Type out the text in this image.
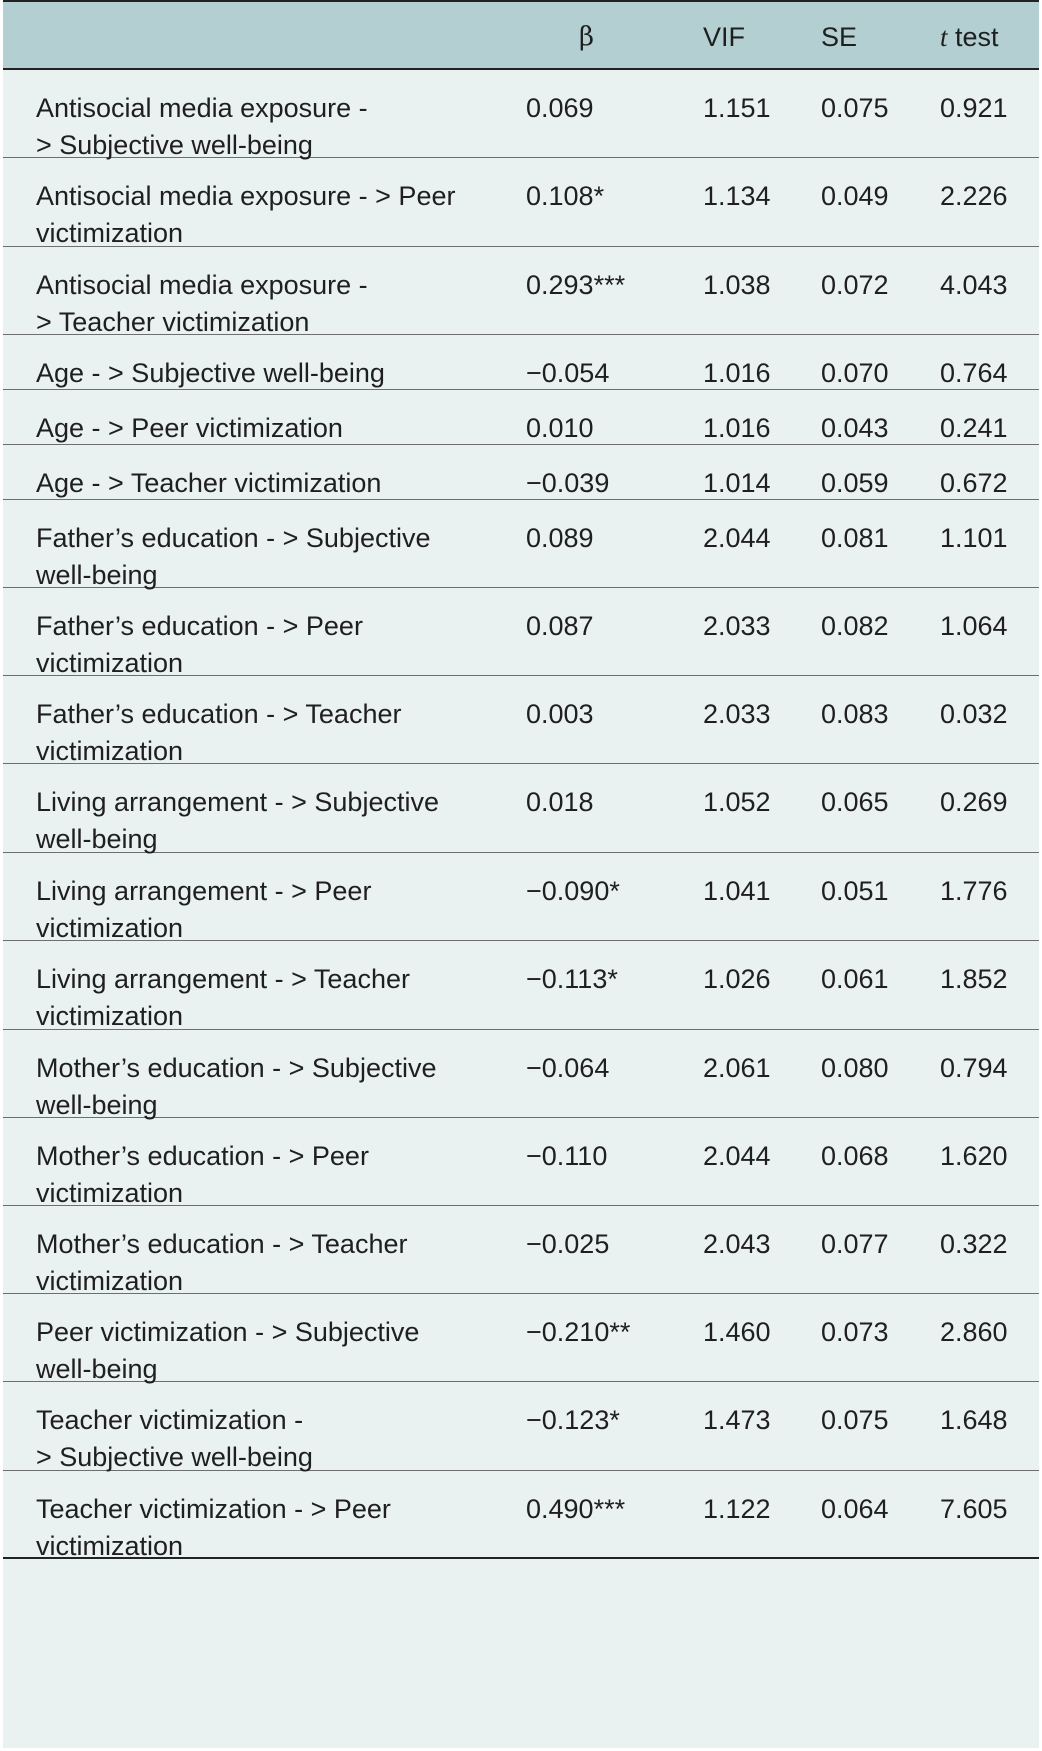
β	VIF	SE	t test
Antisocial media exposure -
> Subjective well-being
0.069	1.151 0.075 0.921
Antisocial media exposure - > Peer
victimization
0.108*	1.134 0.049 2.226
Antisocial media exposure -
> Teacher victimization
0.293***	1.038 0.072 4.043
Age - > Subjective well-being	−0.054	1.016 0.070 0.764
Age - > Peer victimization	0.010	1.016 0.043 0.241
Age - > Teacher victimization	−0.039	1.014 0.059 0.672
Father’s education - > Subjective
well-being
0.089	2.044 0.081 1.101
Father’s education - > Peer
victimization
0.087	2.033 0.082 1.064
Father’s education - > Teacher
victimization
0.003	2.033 0.083 0.032
Living arrangement - > Subjective
well-being
0.018	1.052 0.065 0.269
Living arrangement - > Peer
victimization
−0.090*	1.041 0.051 1.776
Living arrangement - > Teacher
victimization
−0.113*	1.026 0.061 1.852
Mother’s education - > Subjective
well-being
−0.064	2.061 0.080 0.794
Mother’s education - > Peer
victimization
−0.110	2.044 0.068 1.620
Mother’s education - > Teacher
victimization
−0.025	2.043 0.077 0.322
Peer victimization - > Subjective
well-being
−0.210**	1.460 0.073 2.860
Teacher victimization -
> Subjective well-being
−0.123*	1.473 0.075 1.648
Teacher victimization - > Peer
victimization
0.490***	1.122 0.064 7.605
